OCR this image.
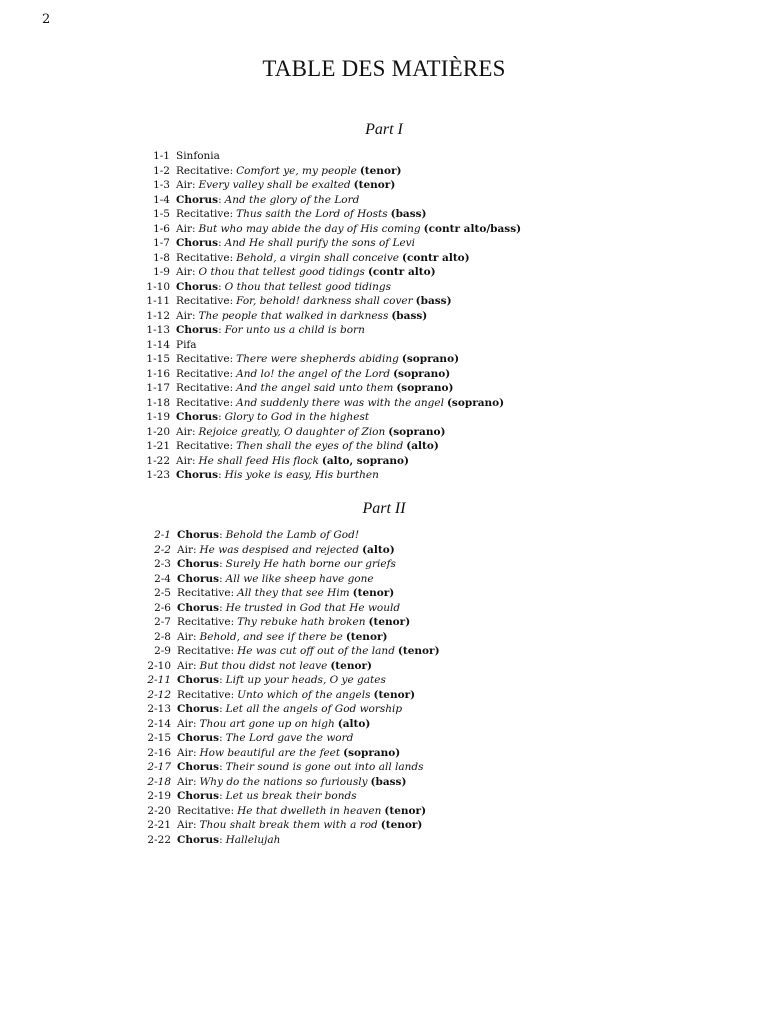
2
TABLE DES MATIÈRES
Part I
1-1 Sinfonia
1-2 Recitative : Comfort ye, my people (tenor)
1-3 Air : Every valley shall be exalted (tenor)
1-4 Chorus : And the glory of the Lord
1-5 Recitative : Thus saith the Lord of Hosts (bass)
1-6 Air : But who may abide the day of His coming (contr alto/bass)
1-7 Chorus : And He shall purify the sons of Levi
1-8 Recitative : Behold, a virgin shall conceive (contr alto)
1-9 Air : O thou that tellest good tidings (contr alto)
1-10 Chorus : O thou that tellest good tidings
1-11 Recitative : For, behold! darkness shall cover (bass)
1-12 Air : The people that walked in darkness (bass)
1-13 Chorus : For unto us a child is born
1-14 Pifa
1-15 Recitative : There were shepherds abiding (soprano)
1-16 Recitative : And lo! the angel of the Lord (soprano)
1-17 Recitative : And the angel said unto them (soprano)
1-18 Recitative : And suddenly there was with the angel (soprano)
1-19 Chorus : Glory to God in the highest
1-20 Air : Rejoice greatly, O daughter of Zion (soprano)
1-21 Recitative : Then shall the eyes of the blind (alto)
1-22 Air : He shall feed His flock (alto, soprano)
1-23 Chorus : His yoke is easy, His burthen
Part II
2-1 Chorus : Behold the Lamb of God!
2-2 Air : He was despised and rejected (alto)
2-3 Chorus : Surely He hath borne our griefs
2-4 Chorus : All we like sheep have gone
2-5 Recitative : All they that see Him (tenor)
2-6 Chorus : He trusted in God that He would
2-7 Recitative : Thy rebuke hath broken (tenor)
2-8 Air : Behold, and see if there be (tenor)
2-9 Recitative : He was cut off out of the land (tenor)
2-10 Air : But thou didst not leave (tenor)
2-11 Chorus : Lift up your heads, O ye gates
2-12 Recitative : Unto which of the angels (tenor)
2-13 Chorus : Let all the angels of God worship
2-14 Air : Thou art gone up on high (alto)
2-15 Chorus : The Lord gave the word
2-16 Air : How beautiful are the feet (soprano)
2-17 Chorus : Their sound is gone out into all lands
2-18 Air : Why do the nations so furiously (bass)
2-19 Chorus : Let us break their bonds
2-20 Recitative : He that dwelleth in heaven (tenor)
2-21 Air : Thou shalt break them with a rod (tenor)
2-22 Chorus : Hallelujah
